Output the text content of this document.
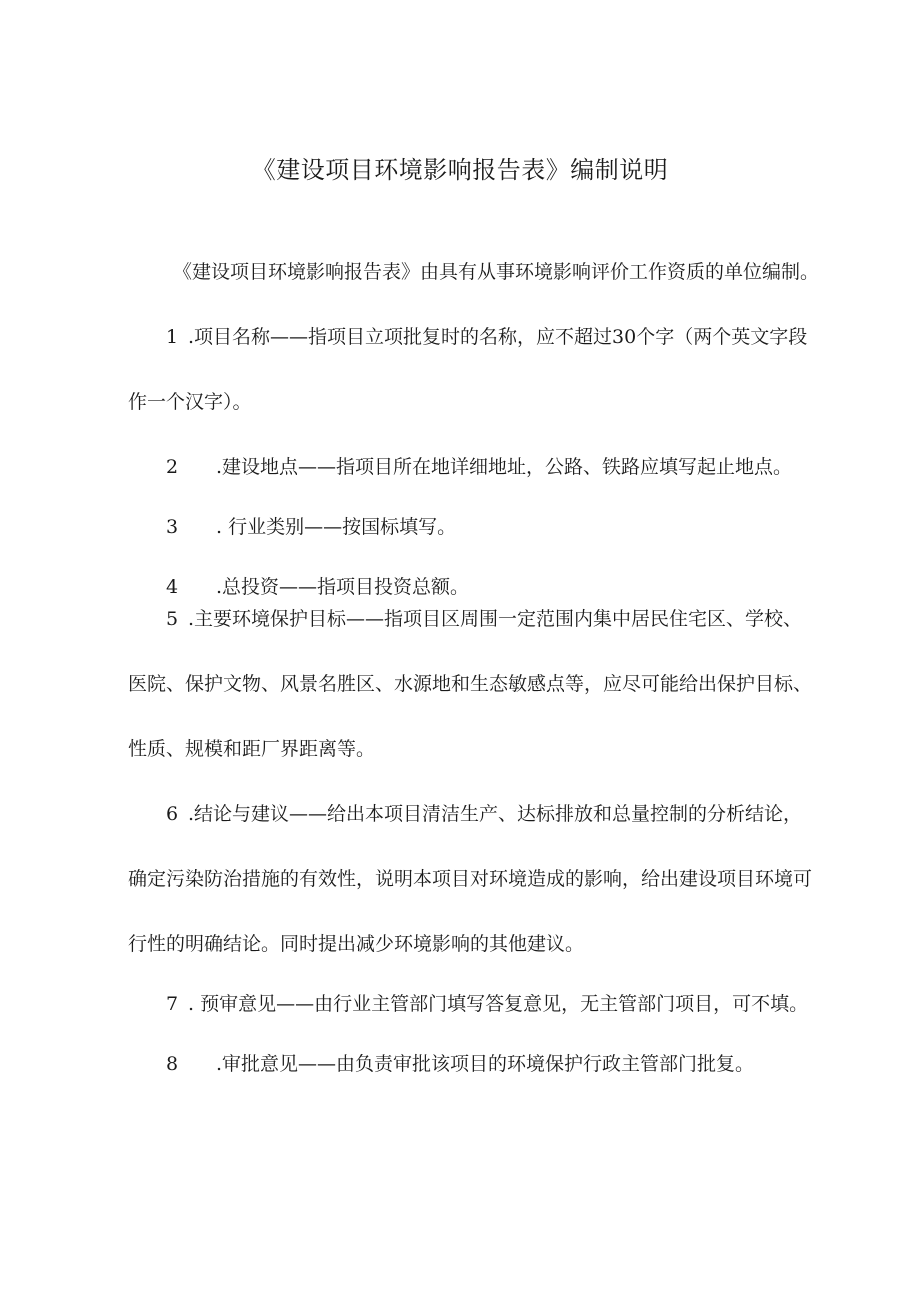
《建设项目环境影响报告表》编制说明
《建设项目环境影响报告表》由具有从事环境影响评价工作资质的单位编制。
1 .项目名称——指项目立项批复时的名称，应不超过30个字（两个英文字段
作一个汉字）。
2 .建设地点——指项目所在地详细地址，公路、铁路应填写起止地点。
3 . 行业类别——按国标填写。
4 .总投资——指项目投资总额。
5 .主要环境保护目标——指项目区周围一定范围内集中居民住宅区、学校、
医院、保护文物、风景名胜区、水源地和生态敏感点等，应尽可能给出保护目标、
性质、规模和距厂界距离等。
6 .结论与建议——给出本项目清洁生产、达标排放和总量控制的分析结论，
确定污染防治措施的有效性，说明本项目对环境造成的影响，给出建设项目环境可
行性的明确结论。同时提出减少环境影响的其他建议。
7 . 预审意见——由行业主管部门填写答复意见，无主管部门项目，可不填。
8 .审批意见——由负责审批该项目的环境保护行政主管部门批复。
